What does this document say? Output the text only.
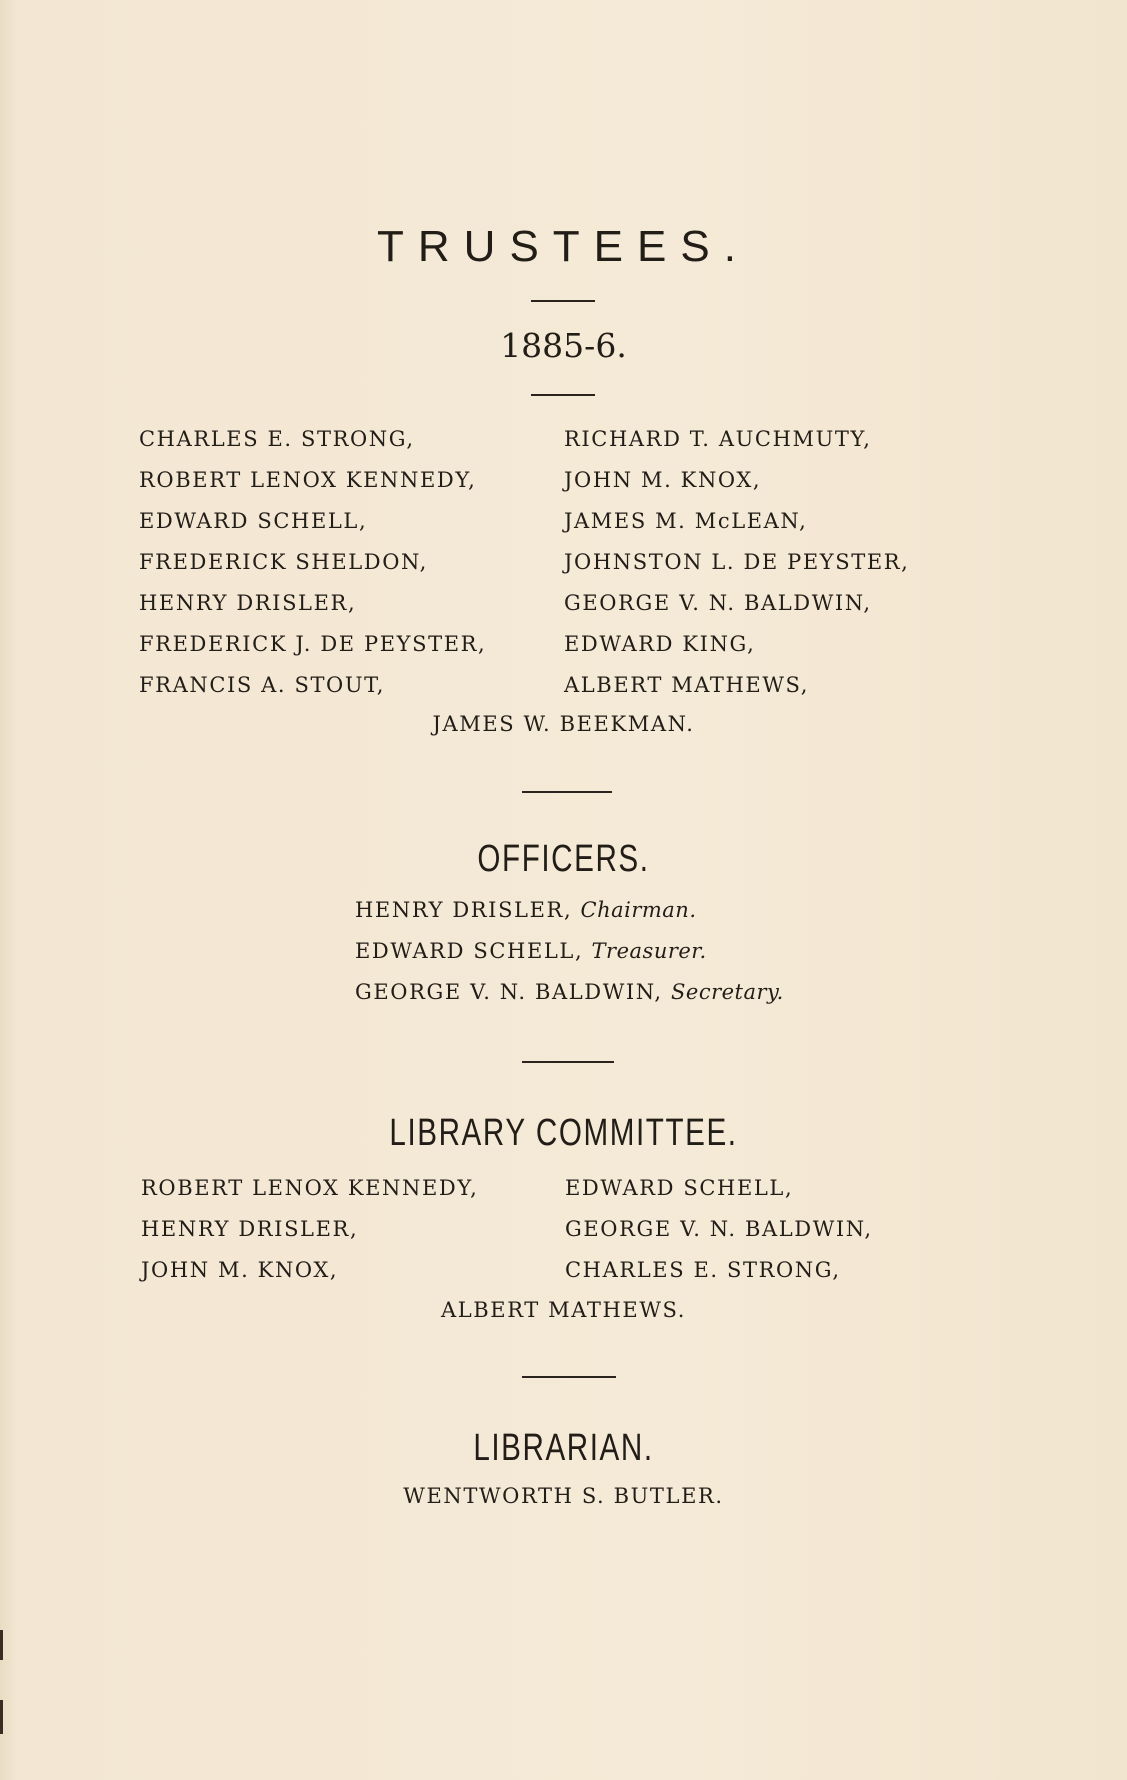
TRUSTEES.
1885-6.
CHARLES E. STRONG,
ROBERT LENOX KENNEDY,
EDWARD SCHELL,
FREDERICK SHELDON,
HENRY DRISLER,
FREDERICK J. DE PEYSTER,
FRANCIS A. STOUT,
RICHARD T. AUCHMUTY,
JOHN M. KNOX,
JAMES M. McLEAN,
JOHNSTON L. DE PEYSTER,
GEORGE V. N. BALDWIN,
EDWARD KING,
ALBERT MATHEWS,
JAMES W. BEEKMAN.
OFFICERS.
HENRY DRISLER, Chairman.
EDWARD SCHELL, Treasurer.
GEORGE V. N. BALDWIN, Secretary.
LIBRARY COMMITTEE.
ROBERT LENOX KENNEDY,
HENRY DRISLER,
JOHN M. KNOX,
EDWARD SCHELL,
GEORGE V. N. BALDWIN,
CHARLES E. STRONG,
ALBERT MATHEWS.
LIBRARIAN.
WENTWORTH S. BUTLER.
